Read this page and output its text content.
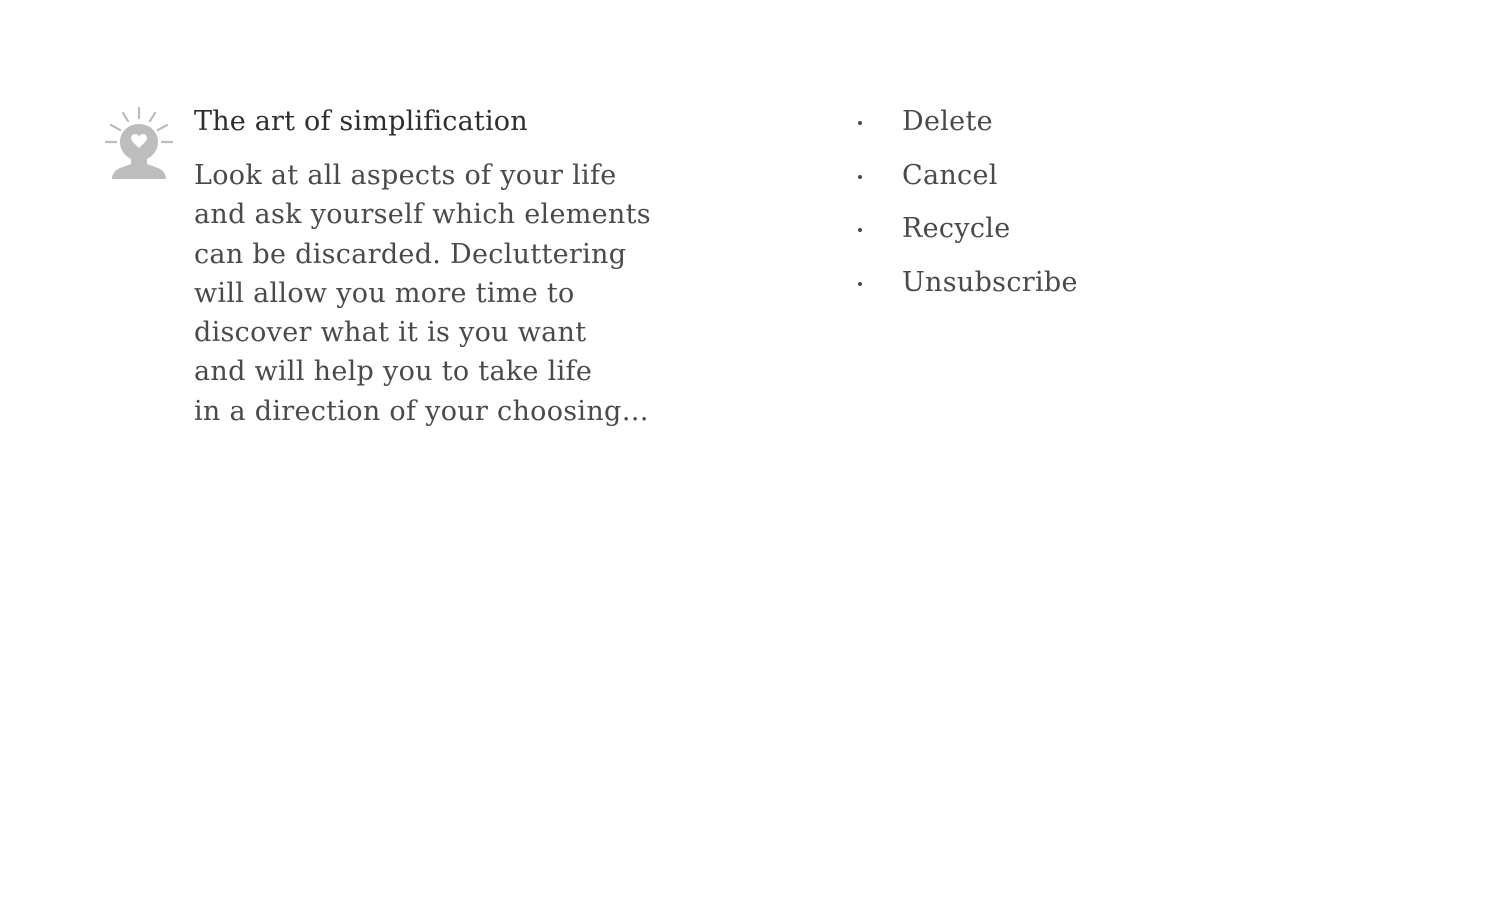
The art of simplification

Look at all aspects of your life
and ask yourself which elements
can be discarded. Decluttering
will allow you more time to
discover what it is you want
and will help you to take life
in a direction of your choosing…

Delete
Cancel
Recycle
Unsubscribe
